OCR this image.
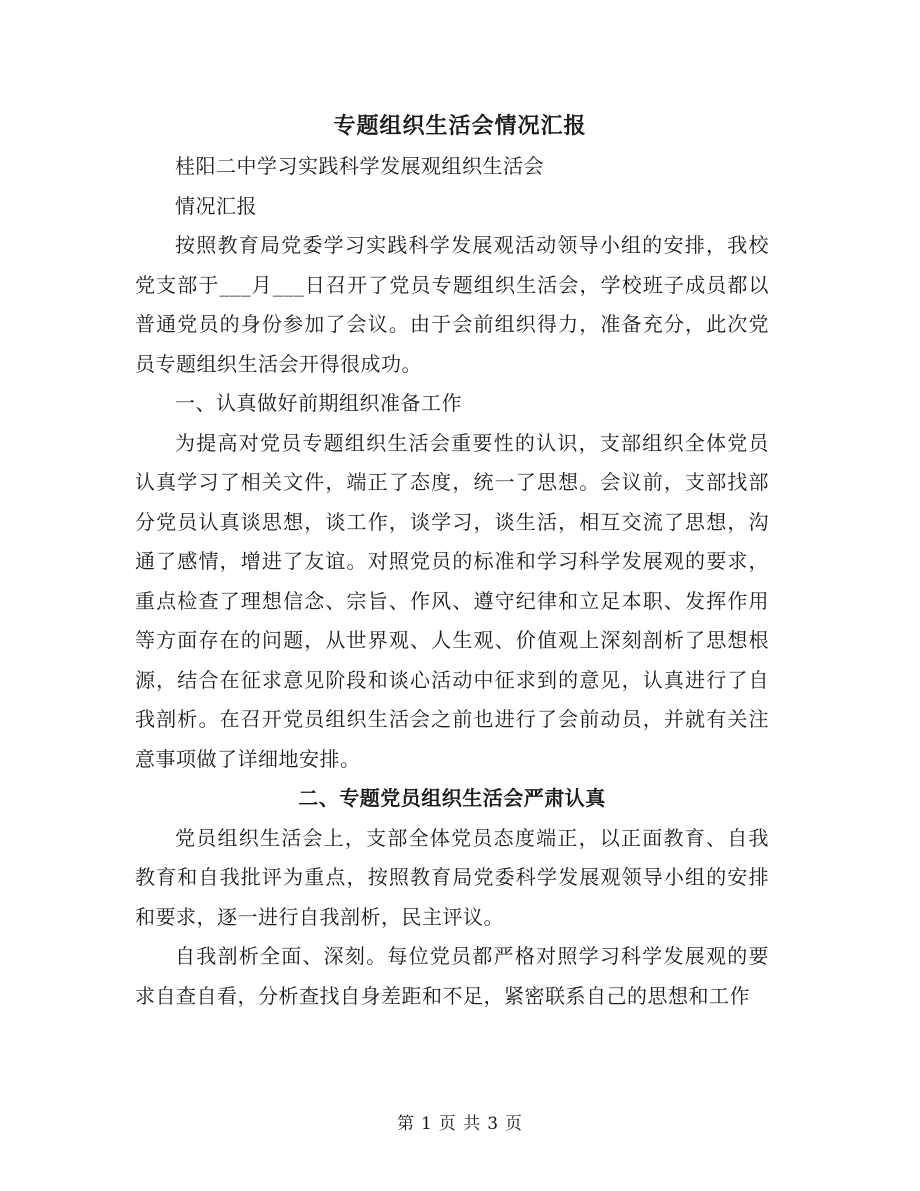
专题组织生活会情况汇报

桂阳二中学习实践科学发展观组织生活会

情况汇报

按照教育局党委学习实践科学发展观活动领导小组的安排，我校党支部于___月___日召开了党员专题组织生活会，学校班子成员都以普通党员的身份参加了会议。由于会前组织得力，准备充分，此次党员专题组织生活会开得很成功。

一、认真做好前期组织准备工作

为提高对党员专题组织生活会重要性的认识，支部组织全体党员认真学习了相关文件，端正了态度，统一了思想。会议前，支部找部分党员认真谈思想，谈工作，谈学习，谈生活，相互交流了思想，沟通了感情，增进了友谊。对照党员的标准和学习科学发展观的要求，重点检查了理想信念、宗旨、作风、遵守纪律和立足本职、发挥作用等方面存在的问题，从世界观、人生观、价值观上深刻剖析了思想根源，结合在征求意见阶段和谈心活动中征求到的意见，认真进行了自我剖析。在召开党员组织生活会之前也进行了会前动员，并就有关注意事项做了详细地安排。

二、专题党员组织生活会严肃认真

党员组织生活会上，支部全体党员态度端正，以正面教育、自我教育和自我批评为重点，按照教育局党委科学发展观领导小组的安排和要求，逐一进行自我剖析，民主评议。

自我剖析全面、深刻。每位党员都严格对照学习科学发展观的要求自查自看，分析查找自身差距和不足，紧密联系自己的思想和工作

第 1 页 共 3 页
